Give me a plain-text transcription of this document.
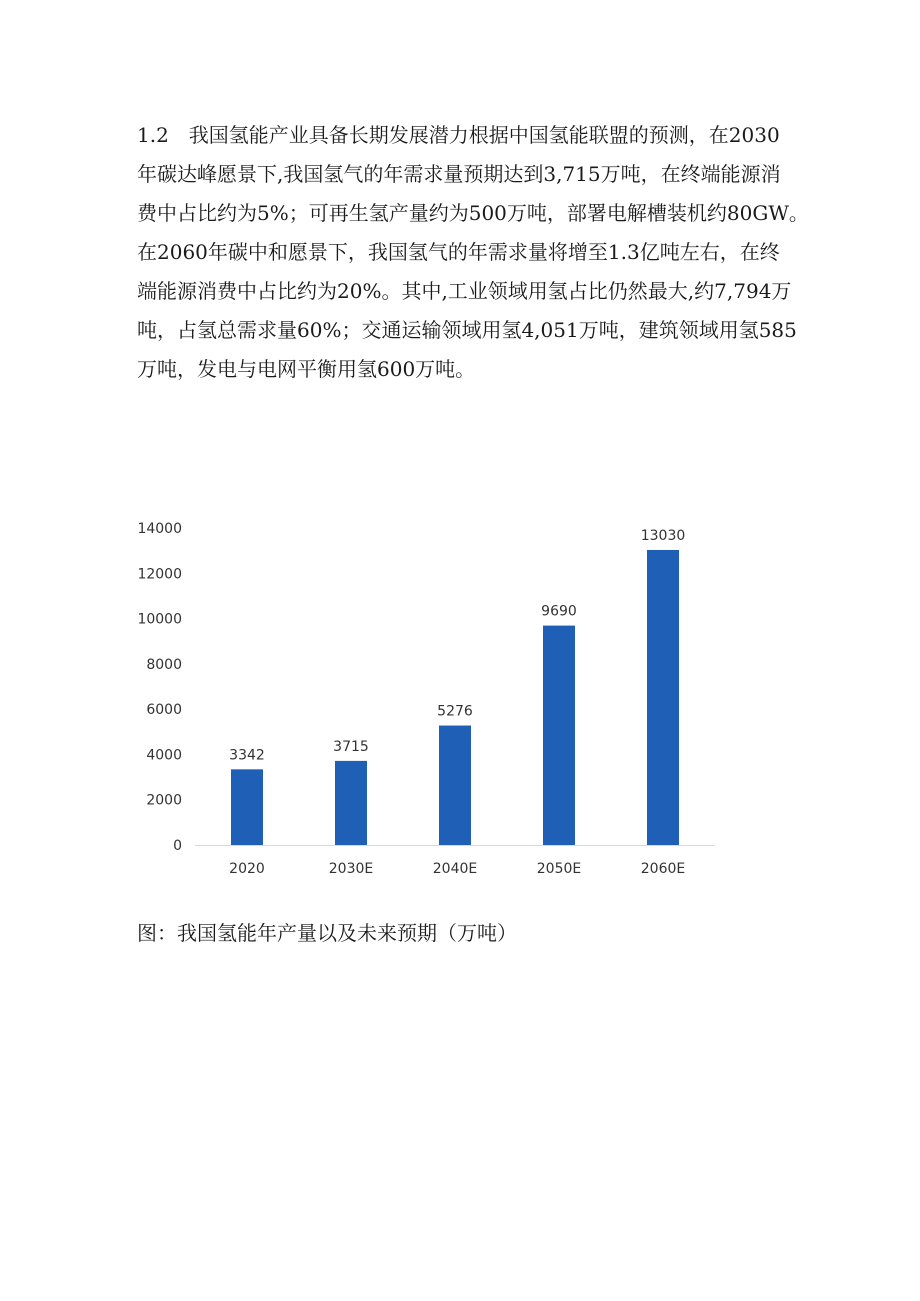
1.2　我国氢能产业具备长期发展潜力根据中国氢能联盟的预测，在2030
年碳达峰愿景下,我国氢气的年需求量预期达到3,715万吨，在终端能源消
费中占比约为5%；可再生氢产量约为500万吨，部署电解槽装机约80GW。
在2060年碳中和愿景下，我国氢气的年需求量将增至1.3亿吨左右，在终
端能源消费中占比约为20%。其中,工业领域用氢占比仍然最大,约7,794万
吨，占氢总需求量60%；交通运输领域用氢4,051万吨，建筑领域用氢585
万吨，发电与电网平衡用氢600万吨。
0
2000
4000
6000
8000
10000
12000
14000
3342
2020
3715
2030E
5276
2040E
9690
2050E
13030
2060E

图：我国氢能年产量以及未来预期（万吨）
